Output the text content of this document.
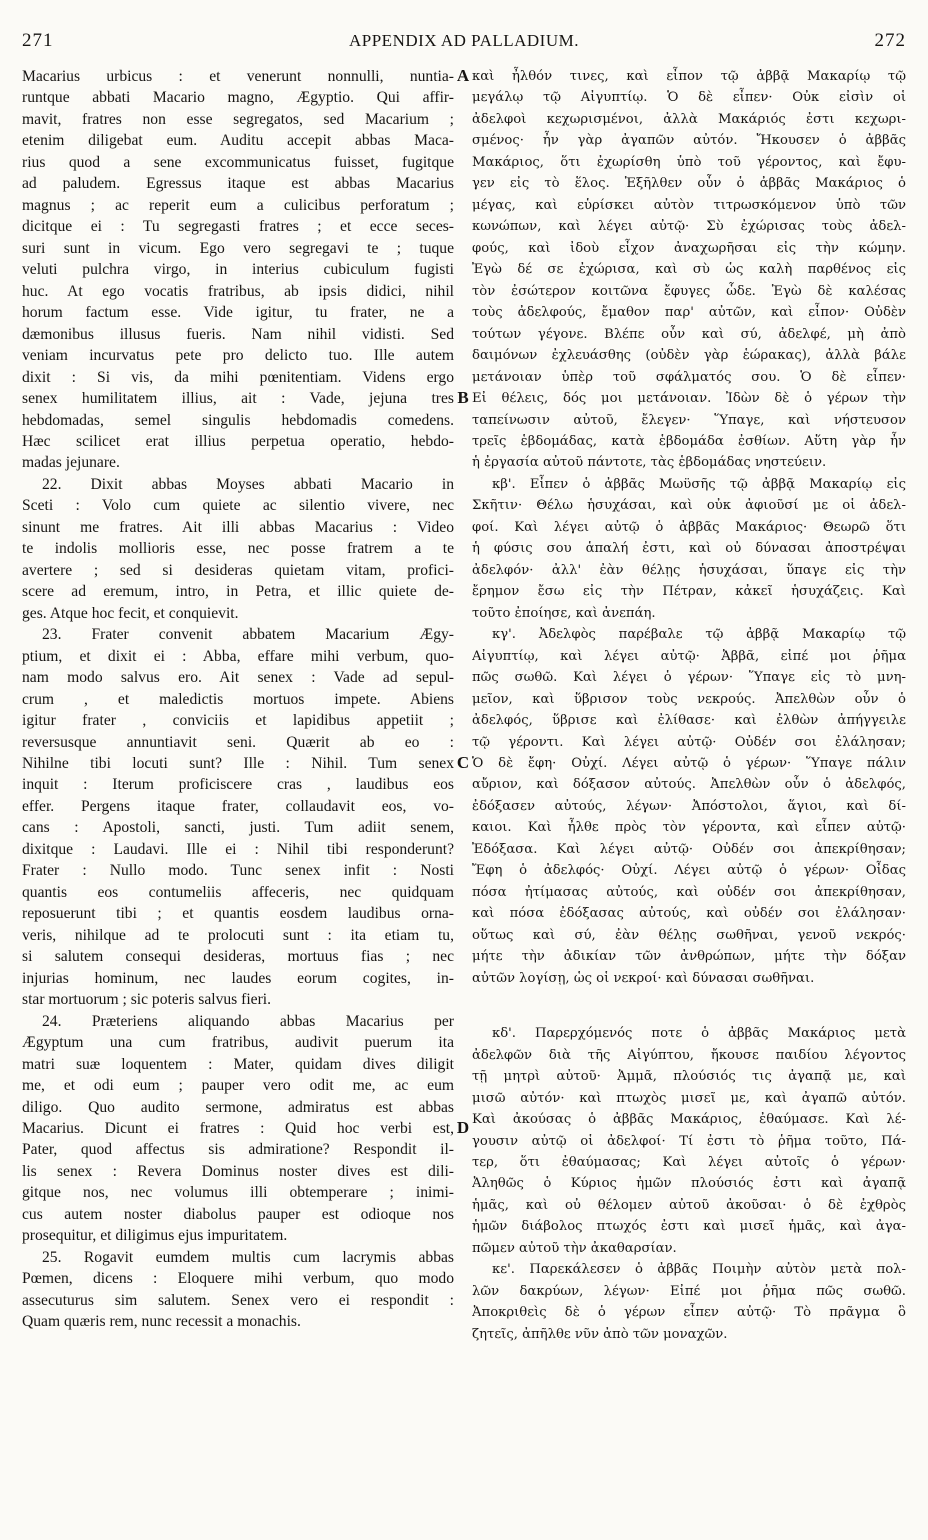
271	APPENDIX AD PALLADIUM.	272
Macarius urbicus : et venerunt nonnulli, nuntia-
runtque abbati Macario magno, Ægyptio. Qui affir-
mavit, fratres non esse segregatos, sed Macarium ;
etenim diligebat eum. Auditu accepit abbas Maca-
rius quod a sene excommunicatus fuisset, fugitque
ad paludem. Egressus itaque est abbas Macarius
magnus ; ac reperit eum a culicibus perforatum ;
dicitque ei : Tu segregasti fratres ; et ecce seces-
suri sunt in vicum. Ego vero segregavi te ; tuque
veluti pulchra virgo, in interius cubiculum fugisti
huc. At ego vocatis fratribus, ab ipsis didici, nihil
horum factum esse. Vide igitur, tu frater, ne a
dæmonibus illusus fueris. Nam nihil vidisti. Sed
veniam incurvatus pete pro delicto tuo. Ille autem
dixit : Si vis, da mihi pœnitentiam. Videns ergo
senex humilitatem illius, ait : Vade, jejuna tres
hebdomadas, semel singulis hebdomadis comedens.
Hæc scilicet erat illius perpetua operatio, hebdo-
madas jejunare.
22. Dixit abbas Moyses abbati Macario in
Sceti : Volo cum quiete ac silentio vivere, nec
sinunt me fratres. Ait illi abbas Macarius : Video
te indolis mollioris esse, nec posse fratrem a te
avertere ; sed si desideras quietam vitam, profici-
scere ad eremum, intro, in Petra, et illic quiete de-
ges. Atque hoc fecit, et conquievit.
23. Frater convenit abbatem Macarium Ægy-
ptium, et dixit ei : Abba, effare mihi verbum, quo-
nam modo salvus ero. Ait senex : Vade ad sepul-
crum , et maledictis mortuos impete. Abiens
igitur frater , conviciis et lapidibus appetiit ;
reversusque annuntiavit seni. Quærit ab eo :
Nihilne tibi locuti sunt? Ille : Nihil. Tum senex
inquit : Iterum proficiscere cras , laudibus eos
effer. Pergens itaque frater, collaudavit eos, vo-
cans : Apostoli, sancti, justi. Tum adiit senem,
dixitque : Laudavi. Ille ei : Nihil tibi responderunt?
Frater : Nullo modo. Tunc senex infit : Nosti
quantis eos contumeliis affeceris, nec quidquam
reposuerunt tibi ; et quantis eosdem laudibus orna-
veris, nihilque ad te prolocuti sunt : ita etiam tu,
si salutem consequi desideras, mortuus fias ; nec
injurias hominum, nec laudes eorum cogites, in-
star mortuorum ; sic poteris salvus fieri.
24. Præteriens aliquando abbas Macarius per
Ægyptum una cum fratribus, audivit puerum ita
matri suæ loquentem : Mater, quidam dives diligit
me, et odi eum ; pauper vero odit me, ac eum
diligo. Quo audito sermone, admiratus est abbas
Macarius. Dicunt ei fratres : Quid hoc verbi est,
Pater, quod affectus sis admiratione? Respondit il-
lis senex : Revera Dominus noster dives est dili-
gitque nos, nec volumus illi obtemperare ; inimi-
cus autem noster diabolus pauper est odioque nos
prosequitur, et diligimus ejus impuritatem.
25. Rogavit eumdem multis cum lacrymis abbas
Pœmen, dicens : Eloquere mihi verbum, quo modo
assecuturus sim salutem. Senex vero ei respondit :
Quam quæris rem, nunc recessit a monachis.
καὶ ἦλθόν τινες, καὶ εἶπον τῷ ἀββᾷ Μακαρίῳ τῷ
μεγάλῳ τῷ Αἰγυπτίῳ. Ὁ δὲ εἶπεν· Οὐκ εἰσὶν οἱ
ἀδελφοὶ κεχωρισμένοι, ἀλλὰ Μακάριός ἐστι κεχωρι-
σμένος· ἦν γὰρ ἀγαπῶν αὐτόν. Ἤκουσεν ὁ ἀββᾶς
Μακάριος, ὅτι ἐχωρίσθη ὑπὸ τοῦ γέροντος, καὶ ἔφυ-
γεν εἰς τὸ ἕλος. Ἐξῆλθεν οὖν ὁ ἀββᾶς Μακάριος ὁ
μέγας, καὶ εὑρίσκει αὐτὸν τιτρωσκόμενον ὑπὸ τῶν
κωνώπων, καὶ λέγει αὐτῷ· Σὺ ἐχώρισας τοὺς ἀδελ-
φούς, καὶ ἰδοὺ εἶχον ἀναχωρῆσαι εἰς τὴν κώμην.
Ἐγὼ δέ σε ἐχώρισα, καὶ σὺ ὡς καλὴ παρθένος εἰς
τὸν ἐσώτερον κοιτῶνα ἔφυγες ὧδε. Ἐγὼ δὲ καλέσας
τοὺς ἀδελφούς, ἔμαθον παρ' αὐτῶν, καὶ εἶπον· Οὐδὲν
τούτων γέγονε. Βλέπε οὖν καὶ σύ, ἀδελφέ, μὴ ἀπὸ
δαιμόνων ἐχλευάσθης (οὐδὲν γὰρ ἑώρακας), ἀλλὰ βάλε
μετάνοιαν ὑπὲρ τοῦ σφάλματός σου. Ὁ δὲ εἶπεν·
Εἰ θέλεις, δός μοι μετάνοιαν. Ἰδὼν δὲ ὁ γέρων τὴν
ταπείνωσιν αὐτοῦ, ἔλεγεν· Ὕπαγε, καὶ νήστευσον
τρεῖς ἑβδομάδας, κατὰ ἑβδομάδα ἐσθίων. Αὕτη γὰρ ἦν
ἡ ἐργασία αὐτοῦ πάντοτε, τὰς ἑβδομάδας νηστεύειν.
κβ'. Εἶπεν ὁ ἀββᾶς Μωϋσῆς τῷ ἀββᾷ Μακαρίῳ εἰς
Σκῆτιν· Θέλω ἡσυχάσαι, καὶ οὐκ ἀφιοῦσί με οἱ ἀδελ-
φοί. Καὶ λέγει αὐτῷ ὁ ἀββᾶς Μακάριος· Θεωρῶ ὅτι
ἡ φύσις σου ἁπαλή ἐστι, καὶ οὐ δύνασαι ἀποστρέψαι
ἀδελφόν· ἀλλ' ἐὰν θέλῃς ἡσυχάσαι, ὕπαγε εἰς τὴν
ἔρημον ἔσω εἰς τὴν Πέτραν, κἀκεῖ ἡσυχάζεις. Καὶ
τοῦτο ἐποίησε, καὶ ἀνεπάη.
κγ'. Ἀδελφὸς παρέβαλε τῷ ἀββᾷ Μακαρίῳ τῷ
Αἰγυπτίῳ, καὶ λέγει αὐτῷ· Ἀββᾶ, εἰπέ μοι ῥῆμα
πῶς σωθῶ. Καὶ λέγει ὁ γέρων· Ὕπαγε εἰς τὸ μνη-
μεῖον, καὶ ὕβρισον τοὺς νεκρούς. Ἀπελθὼν οὖν ὁ
ἀδελφός, ὕβρισε καὶ ἐλίθασε· καὶ ἐλθὼν ἀπήγγειλε
τῷ γέροντι. Καὶ λέγει αὐτῷ· Οὐδέν σοι ἐλάλησαν;
Ὁ δὲ ἔφη· Οὐχί. Λέγει αὐτῷ ὁ γέρων· Ὕπαγε πάλιν
αὔριον, καὶ δόξασον αὐτούς. Ἀπελθὼν οὖν ὁ ἀδελφός,
ἐδόξασεν αὐτούς, λέγων· Ἀπόστολοι, ἅγιοι, καὶ δί-
καιοι. Καὶ ἦλθε πρὸς τὸν γέροντα, καὶ εἶπεν αὐτῷ·
Ἐδόξασα. Καὶ λέγει αὐτῷ· Οὐδέν σοι ἀπεκρίθησαν;
Ἔφη ὁ ἀδελφός· Οὐχί. Λέγει αὐτῷ ὁ γέρων· Οἶδας
πόσα ἠτίμασας αὐτούς, καὶ οὐδέν σοι ἀπεκρίθησαν,
καὶ πόσα ἐδόξασας αὐτούς, καὶ οὐδέν σοι ἐλάλησαν·
οὕτως καὶ σύ, ἐὰν θέλῃς σωθῆναι, γενοῦ νεκρός·
μήτε τὴν ἀδικίαν τῶν ἀνθρώπων, μήτε τὴν δόξαν
αὐτῶν λογίσῃ, ὡς οἱ νεκροί· καὶ δύνασαι σωθῆναι.
κδ'. Παρερχόμενός ποτε ὁ ἀββᾶς Μακάριος μετὰ
ἀδελφῶν διὰ τῆς Αἰγύπτου, ἤκουσε παιδίου λέγοντος
τῇ μητρὶ αὐτοῦ· Ἀμμᾶ, πλούσιός τις ἀγαπᾷ με, καὶ
μισῶ αὐτόν· καὶ πτωχὸς μισεῖ με, καὶ ἀγαπῶ αὐτόν.
Καὶ ἀκούσας ὁ ἀββᾶς Μακάριος, ἐθαύμασε. Καὶ λέ-
γουσιν αὐτῷ οἱ ἀδελφοί· Τί ἐστι τὸ ῥῆμα τοῦτο, Πά-
τερ, ὅτι ἐθαύμασας; Καὶ λέγει αὐτοῖς ὁ γέρων·
Ἀληθῶς ὁ Κύριος ἡμῶν πλούσιός ἐστι καὶ ἀγαπᾷ
ἡμᾶς, καὶ οὐ θέλομεν αὐτοῦ ἀκοῦσαι· ὁ δὲ ἐχθρὸς
ἡμῶν διάβολος πτωχός ἐστι καὶ μισεῖ ἡμᾶς, καὶ ἀγα-
πῶμεν αὐτοῦ τὴν ἀκαθαρσίαν.
κε'. Παρεκάλεσεν ὁ ἀββᾶς Ποιμὴν αὐτὸν μετὰ πολ-
λῶν δακρύων, λέγων· Εἰπέ μοι ῥῆμα πῶς σωθῶ.
Ἀποκριθεὶς δὲ ὁ γέρων εἶπεν αὐτῷ· Τὸ πρᾶγμα ὃ
ζητεῖς, ἀπῆλθε νῦν ἀπὸ τῶν μοναχῶν.
A
B
C
D
